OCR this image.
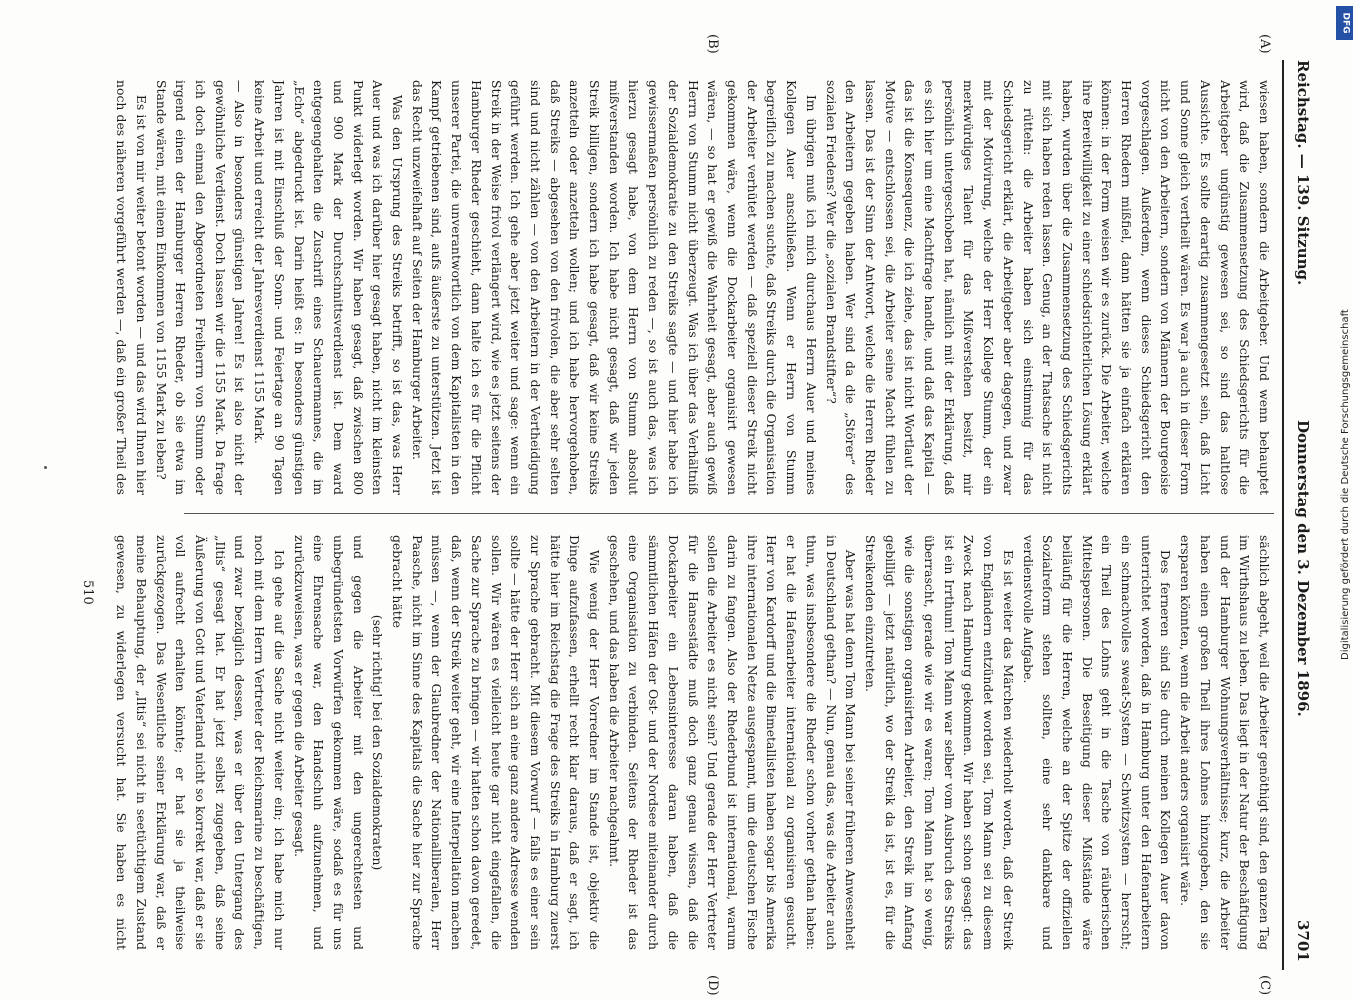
Reichstag. — 139. Sitzung.
Donnerstag den 3. Dezember 1896.
3701
(A)
(B)
(C)
(D)

wiesen haben, sondern die Arbeitgeber. Und wenn behauptet wird, daß die Zusammensetzung des Schiedsgerichts für die Arbeitgeber ungünstig gewesen sei, so sind das haltlose Aussichte. Es sollte derartig zusammengesetzt sein, daß Licht und Sonne gleich vertheilt wären. Es war ja auch in dieser Form nicht von den Arbeitern, sondern von Männern der Bourgeoisie vorgeschlagen. Außerdem, wenn dieses Schiedsgericht den Herren Rhedern mißfiel, dann hätten sie ja einfach erklären können: in der Form weisen wir es zurück. Die Arbeiter, welche ihre Bereitwilligkeit zu einer schiedsrichterlichen Lösung erklärt haben, wurden über die Zusammensetzung des Schiedsgerichts mit sich haben reden lassen. Genug, an der Thatsache ist nicht zu rütteln: die Arbeiter haben sich einstimmig für das Schiedsgericht erklärt, die Arbeitgeber aber dagegen, und zwar mit der Motivirung, welche der Herr Kollege Stumm, der ein merkwürdiges Talent für das Mißverstehen besitzt, mir persönlich untergeschoben hat, nämlich mit der Erklärung, daß es sich hier um eine Machtfrage handle, und daß das Kapital — das ist die Konsequenz, die ich ziehe, das ist nicht Wortlaut der Motive — entschlossen sei, die Arbeiter seine Macht fühlen zu lassen. Das ist der Sinn der Antwort, welche die Herren Rheder den Arbeitern gegeben haben. Wer sind da die „Störer“ des sozialen Friedens? Wer die „sozialen Brandstifter“?

Im übrigen muß ich mich durchaus Herrn Auer und meines Kollegen Auer anschließen. Wenn er Herrn von Stumm begreiflich zu machen suchte, daß Streiks durch die Organisation der Arbeiter verhütet werden — daß speziell dieser Streik nicht gekommen wäre, wenn die Dockarbeiter organisirt gewesen wären, — so hat er gewiß die Wahrheit gesagt, aber auch gewiß Herrn von Stumm nicht überzeugt. Was ich über das Verhältniß der Sozialdemokratie zu den Streiks sagte — und hier habe ich gewissermaßen persönlich zu reden —, so ist auch das, was ich hierzu gesagt habe, von dem Herrn von Stumm absolut mißverstanden worden. Ich habe nicht gesagt, daß wir jeden Streik billigen, sondern ich habe gesagt, daß wir keine Streiks anzetteln oder anzetteln wollen; und ich habe hervorgehoben, daß Streiks — abgesehen von den frivolen, die aber sehr selten sind und nicht zählen — von den Arbeitern in der Vertheidigung geführt werden. Ich gehe aber jetzt weiter und sage: wenn ein Streik in der Weise frivol verlängert wird, wie es jetzt seitens der Hamburger Rheder geschieht, dann halte ich es für die Pflicht unserer Partei, die unverantwortlich von dem Kapitalisten in den Kampf getriebenen sind, aufs äußerste zu unterstützen. Jetzt ist das Recht unzweifelhaft auf Seiten der Hamburger Arbeiter.

Was den Ursprung des Streiks betrifft, so ist das, was Herr Auer und was ich darüber hier gesagt haben, nicht im kleinsten Punkt widerlegt worden. Wir haben gesagt, daß zwischen 800 und 900 Mark der Durchschnittsverdienst ist. Dem ward entgegengehalten die Zuschrift eines Schauermannes, die im „Echo“ abgedruckt ist. Darin heißt es: In besonders günstigen Jahren ist mit Einschluß der Sonn- und Feiertage an 90 Tagen keine Arbeit und erreicht der Jahresverdienst 1155 Mark.

— Also in besonders günstigen Jahren! Es ist also nicht der gewöhnliche Verdienst. Doch lassen wir die 1155 Mark. Da frage ich doch einmal den Abgeordneten Freiherrn von Stumm oder irgend einen der Hamburger Herren Rheder, ob sie etwa im Stande wären, mit einem Einkommen von 1155 Mark zu leben?

Es ist von mir weiter betont worden — und das wird Ihnen hier noch des näheren vorgeführt werden —, daß ein großer Theil des

sächlich abgeht, weil die Arbeiter genöthigt sind, den ganzen Tag im Wirthshaus zu leben. Das liegt in der Natur der Beschäftigung und der Hamburger Wohnungsverhältnisse; kurz, die Arbeiter haben einen großen Theil ihres Lohnes hinzugeben, den sie ersparen könnten, wenn die Arbeit anders organisirt wäre.

Des ferneren sind Sie durch meinen Kollegen Auer davon unterrichtet worden, daß in Hamburg unter den Hafenarbeitern ein schmachvolles sweat-System — Schwitzsystem — herrscht; ein Theil des Lohns geht in die Tasche von räuberischen Mittelspersonen. Die Beseitigung dieser Mißstände wäre beiläufig für die Herren, welche an der Spitze der offiziellen Sozialreform stehen sollten, eine sehr dankbare und verdienstvolle Aufgabe.

Es ist weiter das Märchen wiederholt worden, daß der Streik von Engländern entzündet worden sei, Tom Mann sei zu diesem Zweck nach Hamburg gekommen. Wir haben schon gesagt: das ist ein Irrthum! Tom Mann war selber vom Ausbruch des Streiks überrascht, gerade wie wir es waren; Tom Mann hat so wenig, wie die sonstigen organisirten Arbeiter, den Streik im Anfang gebilligt — jetzt natürlich, wo der Streik da ist, ist es, für die Streikenden einzutreten.

Aber was hat denn Tom Mann bei seiner früheren Anwesenheit in Deutschland gethan? — Nun, genau das, was die Arbeiter auch thun, was insbesondere die Rheder schon vorher gethan haben: er hat die Hafenarbeiter international zu organisiren gesucht. Herr von Kardorff und die Bimetallisten haben sogar bis Amerika ihre internationalen Netze ausgespannt, um die deutschen Fische darin zu fangen. Also der Rhederbund ist international, warum sollen die Arbeiter es nicht sein? Und gerade der Herr Vertreter für die Hansestädte muß doch ganz genau wissen, daß die Dockarbeiter ein Lebensinteresse daran haben, daß die sämmtlichen Häfen der Ost- und der Nordsee miteinander durch eine Organisation zu verbinden. Seitens der Rheder ist das geschehen, und das haben die Arbeiter nachgeahmt.

Wie wenig der Herr Vorredner im Stande ist, objektiv die Dinge aufzufassen, erhellt recht klar daraus, daß er sagt, ich hätte hier im Reichstag die Frage des Streiks in Hamburg zuerst zur Sprache gebracht. Mit diesem Vorwurf — falls es einer sein sollte — hätte der Herr sich an eine ganz andere Adresse wenden sollen. Wir wären es vielleicht heute gar nicht eingefallen, die Sache zur Sprache zu bringen — wir hatten schon davon geredet, daß, wenn der Streik weiter geht, wir eine Interpellation machen müssen —, wenn der Glaubredner der Nationalliberalen, Herr Paasche, nicht im Sinne des Kapitals die Sache hier zur Sprache gebracht hätte

(sehr richtig! bei den Sozialdemokraten)

und gegen die Arbeiter mit den ungerechtesten und unbegründetsten Vorwürfen gekommen wäre, sodaß es für uns eine Ehrensache war, den Handschuh aufzunehmen, und zurückzuweisen, was er gegen die Arbeiter gesagt.

Ich gehe auf die Sache nicht weiter ein; ich habe mich nur noch mit dem Herrn Vertreter der Reichsmarine zu beschäftigen, und zwar bezüglich dessen, was er über den Untergang des „Iltis“ gesagt hat. Er hat jetzt selbst zugegeben, daß seine Äußerung von Gott und Vaterland nicht so korrekt war, daß er sie voll aufrecht erhalten könnte; er hat sie ja theilweise zurückgezogen. Das Wesentliche seiner Erklärung war, daß er meine Behauptung, der „Iltis“ sei nicht in seetüchtigem Zustand gewesen, zu widerlegen versucht hat. Sie haben es nicht

510	Digitalisierung gefördert durch die Deutsche Forschungsgemeinschaft
DFG
